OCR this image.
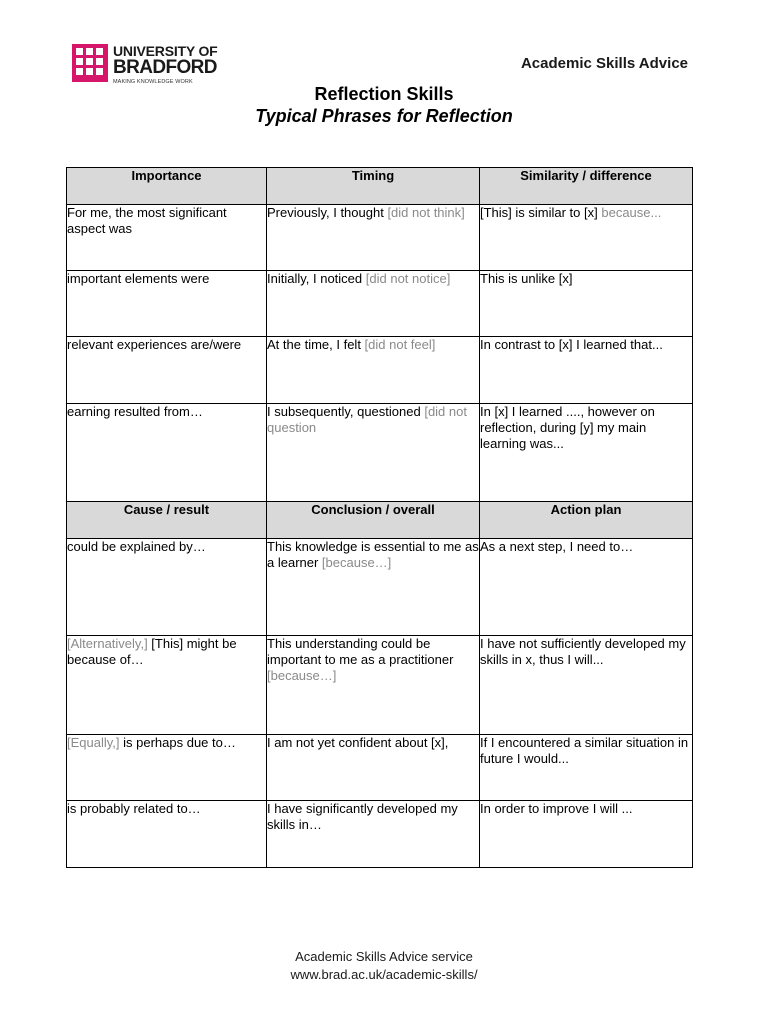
UNIVERSITY OF
BRADFORD
MAKING KNOWLEDGE WORK
Academic Skills Advice
Reflection Skills
Typical Phrases for Reflection
Importance	Timing	Similarity / difference
For me, the most significant aspect was	Previously, I thought [did not think]	[This] is similar to [x] because...
important elements were	Initially, I noticed [did not notice]	This is unlike [x]
relevant experiences are/were	At the time, I felt [did not feel]	In contrast to [x] I learned that...
earning resulted from…	I subsequently, questioned [did not question	In [x] I learned ...., however on reflection, during [y] my main learning was...
Cause / result	Conclusion / overall	Action plan
could be explained by…	This knowledge is essential to me as a learner [because…]	As a next step, I need to…
[Alternatively,] [This] might be because of…	This understanding could be important to me as a practitioner [because…]	I have not sufficiently developed my skills in x, thus I will...
[Equally,] is perhaps due to…	I am not yet confident about [x],	If I encountered a similar situation in future I would...
is probably related to…	I have significantly developed my skills in…	In order to improve I will ...
Academic Skills Advice service
www.brad.ac.uk/academic-skills/
